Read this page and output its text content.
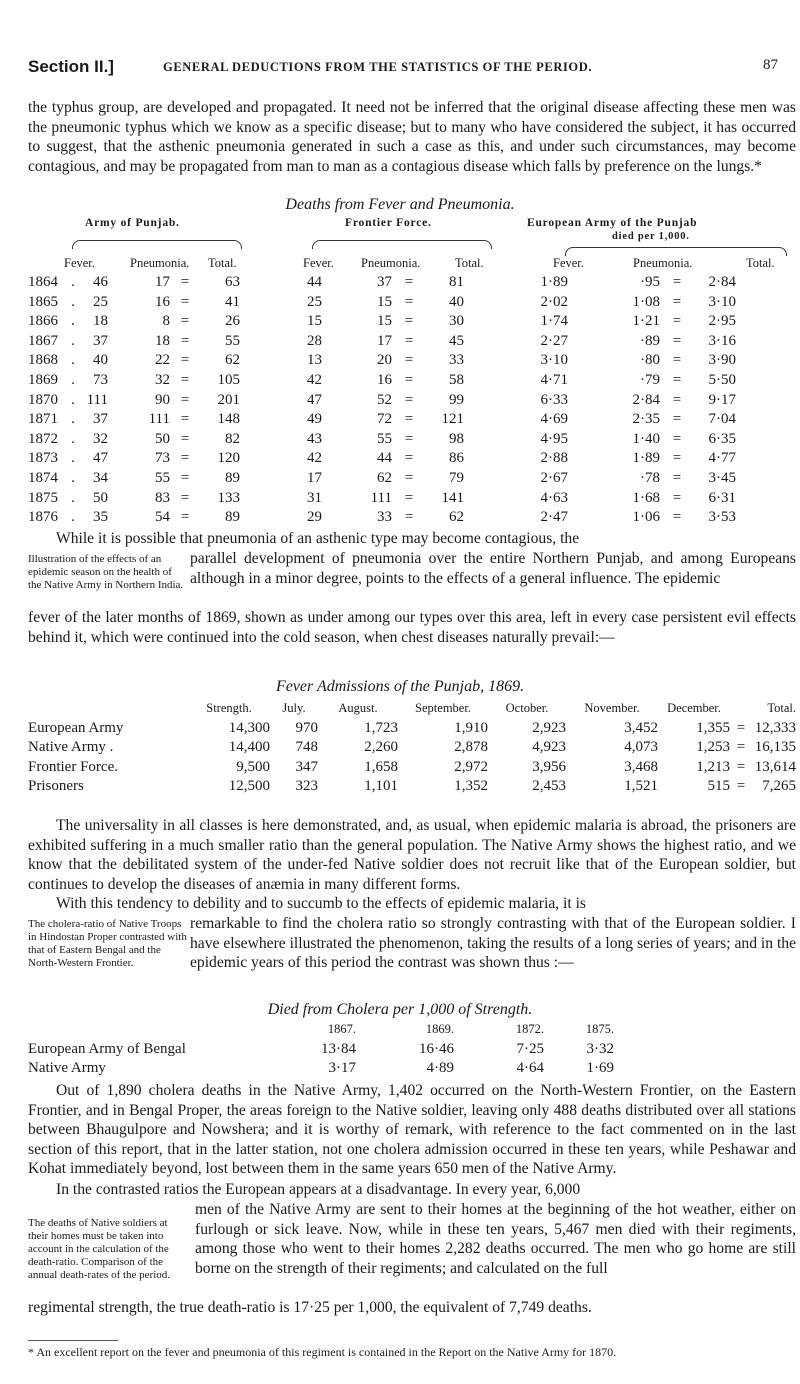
Section II.]	GENERAL DEDUCTIONS FROM THE STATISTICS OF THE PERIOD.	87

the typhus group, are developed and propagated. It need not be inferred that the original disease affecting these men was the pneumonic typhus which we know as a specific disease; but to many who have considered the subject, it has occurred to suggest, that the asthenic pneumonia generated in such a case as this, and under such circumstances, may become contagious, and may be propagated from man to man as a contagious disease which falls by preference on the lungs.*

Deaths from Fever and Pneumonia.
Army of Punjab.	Frontier Force.	European Army of the Punjab
died per 1,000.
Fever.	Pneumonia. Total.	Fever. Pneumonia.	Total.	Fever.	Pneumonia.	Total.
1864	.	46	17	=	63	44	37	=	81	1·89	·95	=	2·84
1865	.	25	16	=	41	25	15	=	40	2·02	1·08	=	3·10
1866	.	18	8	=	26	15	15	=	30	1·74	1·21	=	2·95
1867	.	37	18	=	55	28	17	=	45	2·27	·89	=	3·16
1868	.	40	22	=	62	13	20	=	33	3·10	·80	=	3·90
1869	.	73	32	=	105	42	16	=	58	4·71	·79	=	5·50
1870	.	111	90	=	201	47	52	=	99	6·33	2·84	=	9·17
1871	.	37	111	=	148	49	72	=	121	4·69	2·35	=	7·04
1872	.	32	50	=	82	43	55	=	98	4·95	1·40	=	6·35
1873	.	47	73	=	120	42	44	=	86	2·88	1·89	=	4·77
1874	.	34	55	=	89	17	62	=	79	2·67	·78	=	3·45
1875	.	50	83	=	133	31	111	=	141	4·63	1·68	=	6·31
1876	.	35	54	=	89	29	33	=	62	2·47	1·06	=	3·53

While it is possible that pneumonia of an asthenic type may become contagious, the

Illustration of the effects of an epidemic season on the health of the Native Army in Northern India.

parallel development of pneumonia over the entire Northern Punjab, and among Europeans although in a minor degree, points to the effects of a general influence. The epidemic

fever of the later months of 1869, shown as under among our types over this area, left in every case persistent evil effects behind it, which were continued into the cold season, when chest diseases naturally prevail:—

Fever Admissions of the Punjab, 1869.
	Strength.	July.	August.	September.	October.	November.	December.		Total.
European Army	14,300	970	1,723	1,910	2,923	3,452	1,355	=	12,333
Native Army .	14,400	748	2,260	2,878	4,923	4,073	1,253	=	16,135
Frontier Force.	9,500	347	1,658	2,972	3,956	3,468	1,213	=	13,614
Prisoners	12,500	323	1,101	1,352	2,453	1,521	515	=	7,265

The universality in all classes is here demonstrated, and, as usual, when epidemic malaria is abroad, the prisoners are exhibited suffering in a much smaller ratio than the general population. The Native Army shows the highest ratio, and we know that the debilitated system of the under-fed Native soldier does not recruit like that of the European soldier, but continues to develop the diseases of anæmia in many different forms.

With this tendency to debility and to succumb to the effects of epidemic malaria, it is

The cholera-ratio of Native Troops in Hindostan Proper contrasted with that of Eastern Bengal and the North-Western Frontier.

remarkable to find the cholera ratio so strongly contrasting with that of the European soldier. I have elsewhere illustrated the phenomenon, taking the results of a long series of years; and in the epidemic years of this period the contrast was shown thus :—

Died from Cholera per 1,000 of Strength.
	1867.	1869.	1872.	1875.
European Army of Bengal	13·84	16·46	7·25	3·32
Native Army	3·17	4·89	4·64	1·69

Out of 1,890 cholera deaths in the Native Army, 1,402 occurred on the North-Western Frontier, on the Eastern Frontier, and in Bengal Proper, the areas foreign to the Native soldier, leaving only 488 deaths distributed over all stations between Bhaugulpore and Nowshera; and it is worthy of remark, with reference to the fact commented on in the last section of this report, that in the latter station, not one cholera admission occurred in these ten years, while Peshawar and Kohat immediately beyond, lost between them in the same years 650 men of the Native Army.

In the contrasted ratios the European appears at a disadvantage. In every year, 6,000

The deaths of Native soldiers at their homes must be taken into account in the calculation of the death-ratio. Comparison of the annual death-rates of the period.

men of the Native Army are sent to their homes at the beginning of the hot weather, either on furlough or sick leave. Now, while in these ten years, 5,467 men died with their regiments, among those who went to their homes 2,282 deaths occurred. The men who go home are still borne on the strength of their regiments; and calculated on the full

regimental strength, the true death-ratio is 17·25 per 1,000, the equivalent of 7,749 deaths.

* An excellent report on the fever and pneumonia of this regiment is contained in the Report on the Native Army for 1870.
